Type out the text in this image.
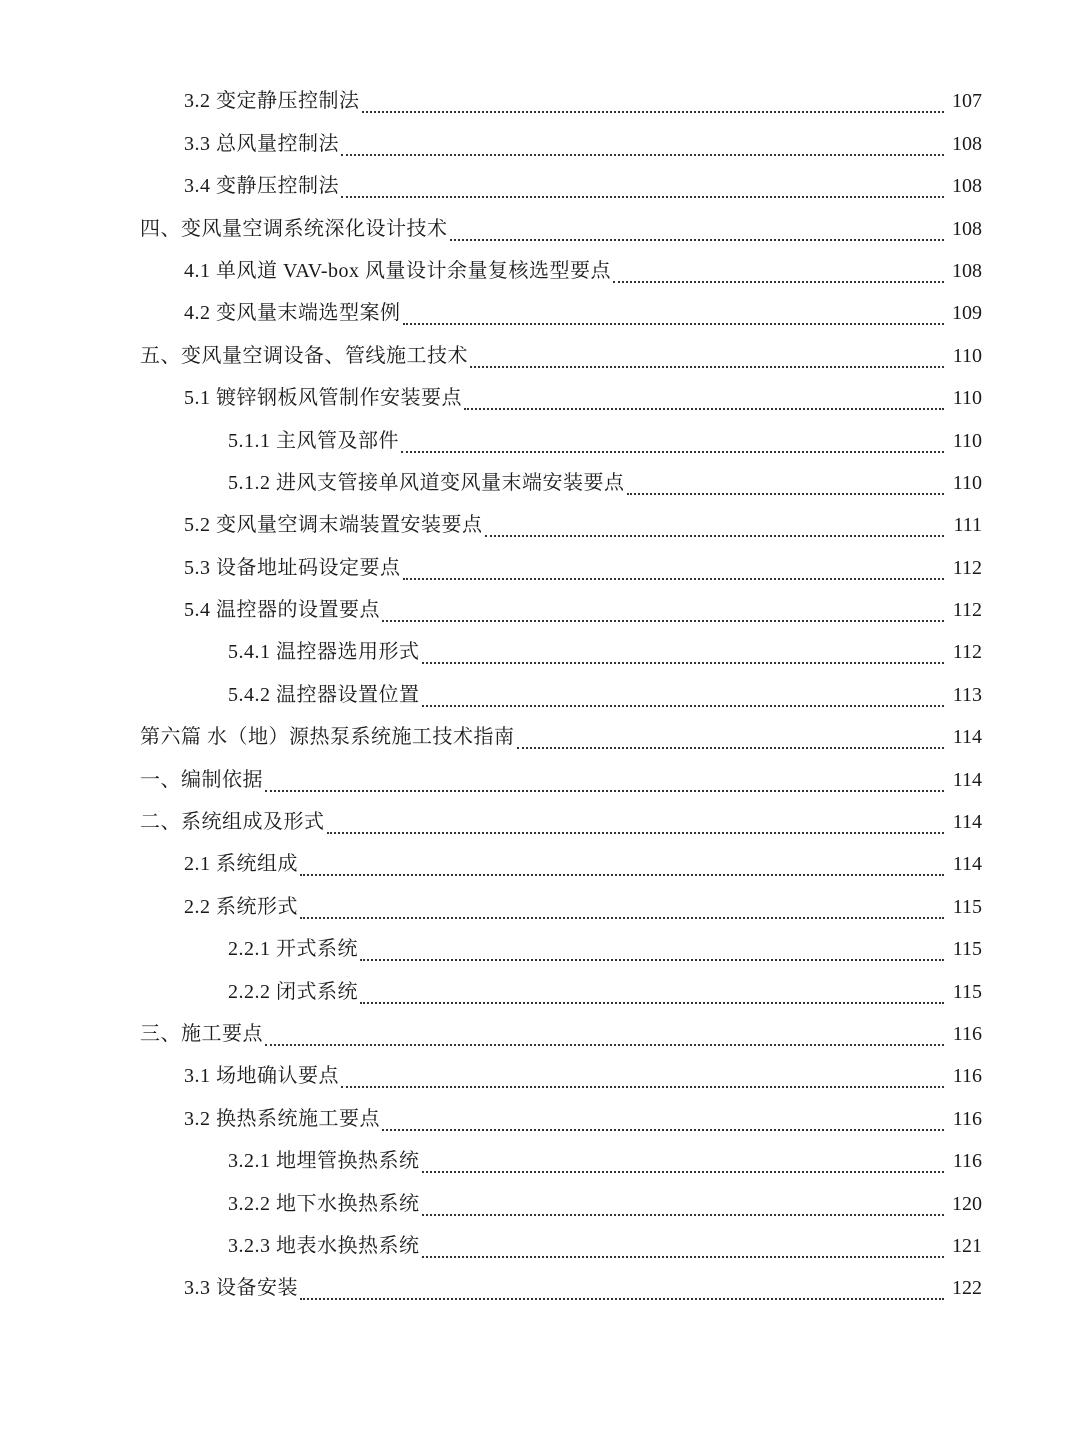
3.2 变定静压控制法	107
3.3 总风量控制法	108
3.4 变静压控制法	108
四、变风量空调系统深化设计技术	108
4.1 单风道 VAV-box 风量设计余量复核选型要点	108
4.2 变风量末端选型案例	109
五、变风量空调设备、管线施工技术	110
5.1 镀锌钢板风管制作安装要点	110
5.1.1 主风管及部件	110
5.1.2 进风支管接单风道变风量末端安装要点	110
5.2 变风量空调末端装置安装要点	111
5.3 设备地址码设定要点	112
5.4 温控器的设置要点	112
5.4.1 温控器选用形式	112
5.4.2 温控器设置位置	113
第六篇 水（地）源热泵系统施工技术指南	114
一、编制依据	114
二、系统组成及形式	114
2.1 系统组成	114
2.2 系统形式	115
2.2.1 开式系统	115
2.2.2 闭式系统	115
三、施工要点	116
3.1 场地确认要点	116
3.2 换热系统施工要点	116
3.2.1 地埋管换热系统	116
3.2.2 地下水换热系统	120
3.2.3 地表水换热系统	121
3.3 设备安装	122
